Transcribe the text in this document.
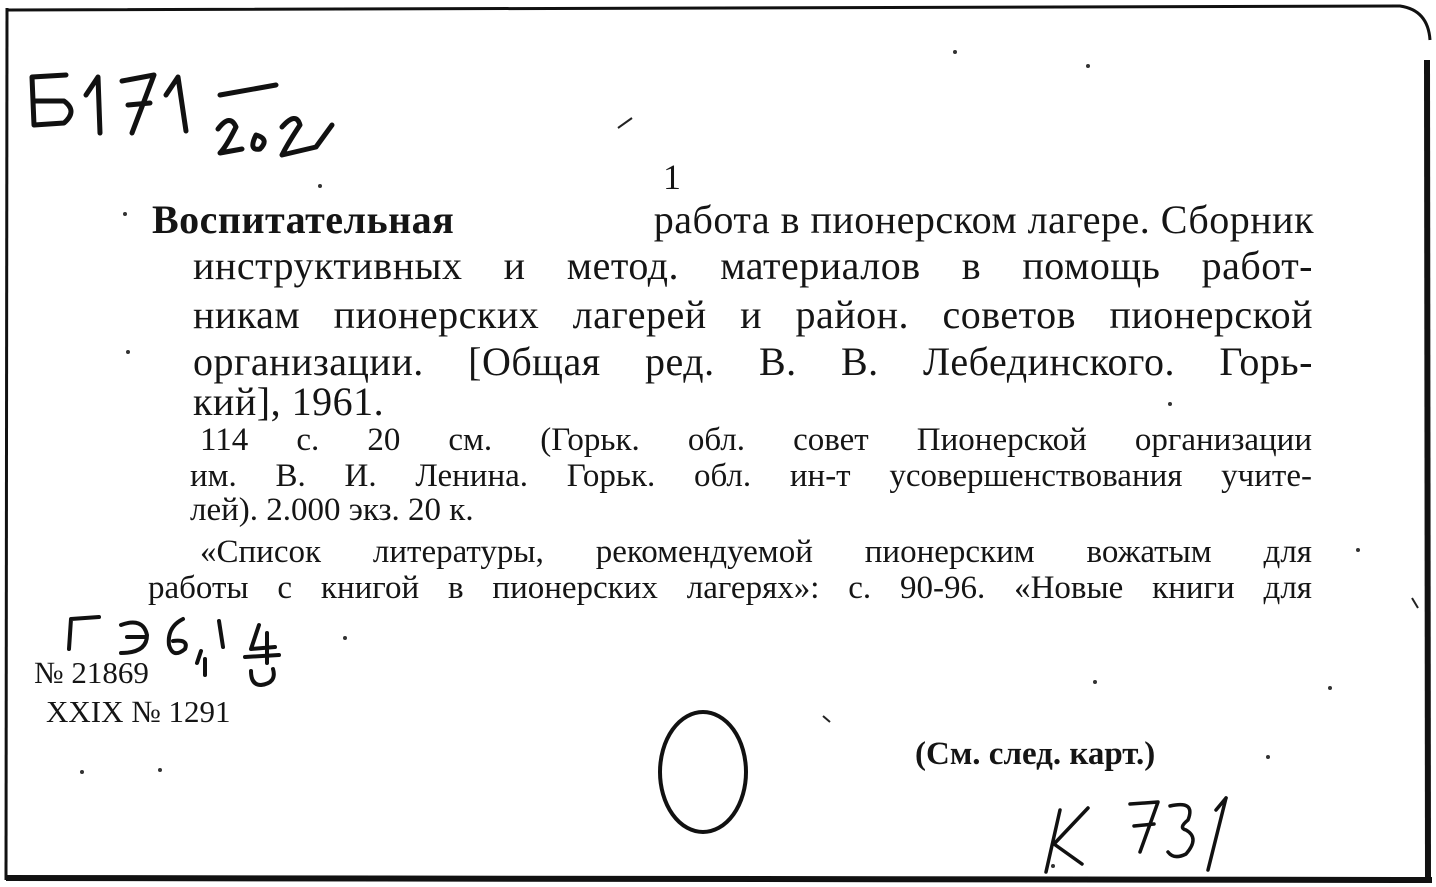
1
Воспитательная	работа в пионерском лагере. Сборник
инструктивных и метод. материалов в помощь работ-
никам пионерских лагерей и район. советов пионерской
организации. [Общая ред. В. В. Лебединского. Горь-
кий], 1961.
114 с. 20 см. (Горьк. обл. совет Пионерской организации
им. В. И. Ленина. Горьк. обл. ин-т усовершенствования учите-
лей). 2.000 экз. 20 к.
«Список литературы, рекомендуемой пионерским вожатым для
работы с книгой в пионерских лагерях»: с. 90-96. «Новые книги для
№ 21869
XXIX № 1291
(См. след. карт.)
